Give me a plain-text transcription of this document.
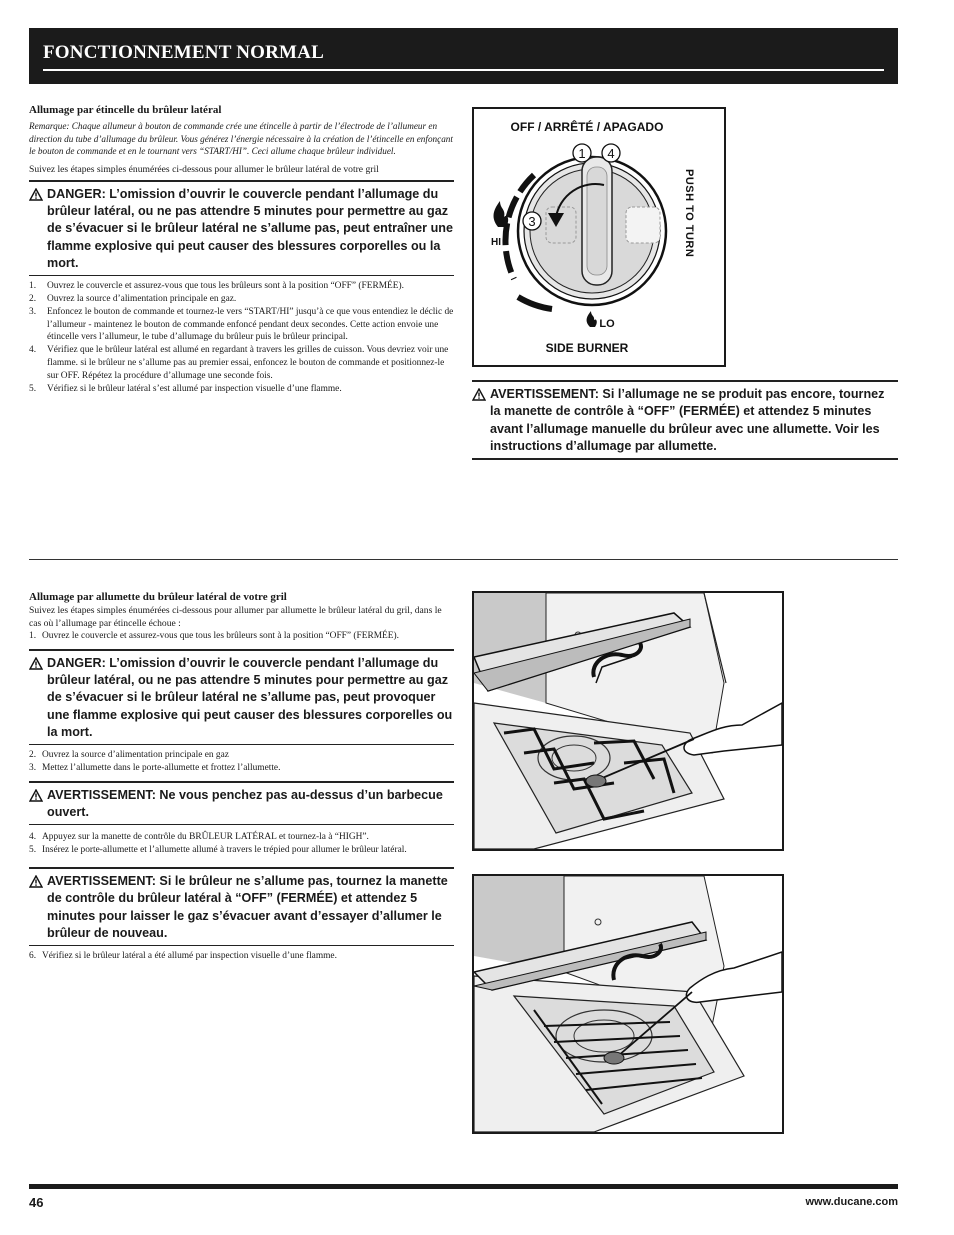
FONCTIONNEMENT NORMAL
Allumage par étincelle du brûleur latéral
Remarque: Chaque allumeur à bouton de commande crée une étincelle à partir de l’électrode de l’allumeur en direction du tube d’allumage du brûleur. Vous générez l’énergie nécessaire à la création de l’étincelle en enfonçant le bouton de commande et en le tournant vers “START/HI”. Ceci allume chaque brûleur individuel.
Suivez les étapes simples énumérées ci-dessous pour allumer le brûleur latéral de votre gril
DANGER: L’omission d’ouvrir le couvercle pendant l’allumage du brûleur latéral, ou ne pas attendre 5 minutes pour permettre au gaz de s’évacuer si le brûleur latéral ne s’allume pas, peut entraîner une flamme explosive qui peut causer des blessures corporelles ou la mort.
1. Ouvrez le couvercle et assurez-vous que tous les brûleurs sont à la position “OFF” (FERMÉE).
2. Ouvrez la source d’alimentation principale en gaz.
3. Enfoncez le bouton de commande et tournez-le vers “START/HI” jusqu’à ce que vous entendiez le déclic de l’allumeur - maintenez le bouton de commande enfoncé pendant deux secondes. Cette action envoie une étincelle vers l’allumeur, le tube d’allumage du brûleur puis le brûleur principal.
4. Vérifiez que le brûleur latéral est allumé en regardant à travers les grilles de cuisson. Vous devriez voir une flamme. si le brûleur ne s’allume pas au premier essai, enfoncez le bouton de commande et positionnez-le sur OFF. Répétez la procédure d’allumage une seconde fois.
5. Vérifiez si le brûleur latéral s’est allumé par inspection visuelle d’une flamme.
OFF / ARRÊTÉ / APAGADO
1 4
3
HI
LO
PUSH TO TURN
SIDE BURNER
AVERTISSEMENT: Si l’allumage ne se produit pas encore, tournez la manette de contrôle à “OFF” (FERMÉE) et attendez 5 minutes avant l’allumage manuelle du brûleur avec une allumette. Voir les instructions d’allumage par allumette.
Allumage par allumette du brûleur latéral de votre gril
Suivez les étapes simples énumérées ci-dessous pour allumer par allumette le brûleur latéral du gril, dans le cas où l’allumage par étincelle échoue :
1. Ouvrez le couvercle et assurez-vous que tous les brûleurs sont à la position “OFF” (FERMÉE).
DANGER: L’omission d’ouvrir le couvercle pendant l’allumage du brûleur latéral, ou ne pas attendre 5 minutes pour permettre au gaz de s’évacuer si le brûleur latéral ne s’allume pas, peut provoquer une flamme explosive qui peut causer des blessures corporelles ou la mort.
2. Ouvrez la source d’alimentation principale en gaz
3. Mettez l’allumette dans le porte-allumette et frottez l’allumette.
AVERTISSEMENT: Ne vous penchez pas au-dessus d’un barbecue ouvert.
4. Appuyez sur la manette de contrôle du BRÛLEUR LATÉRAL et tournez-la à “HIGH”.
5. Insérez le porte-allumette et l’allumette allumé à travers le trépied pour allumer le brûleur latéral.
AVERTISSEMENT: Si le brûleur ne s’allume pas, tournez la manette de contrôle du brûleur latéral à “OFF” (FERMÉE) et attendez 5 minutes pour laisser le gaz s’évacuer avant d’essayer d’allumer le brûleur de nouveau.
6. Vérifiez si le brûleur latéral a été allumé par inspection visuelle d’une flamme.
46	www.ducane.com
